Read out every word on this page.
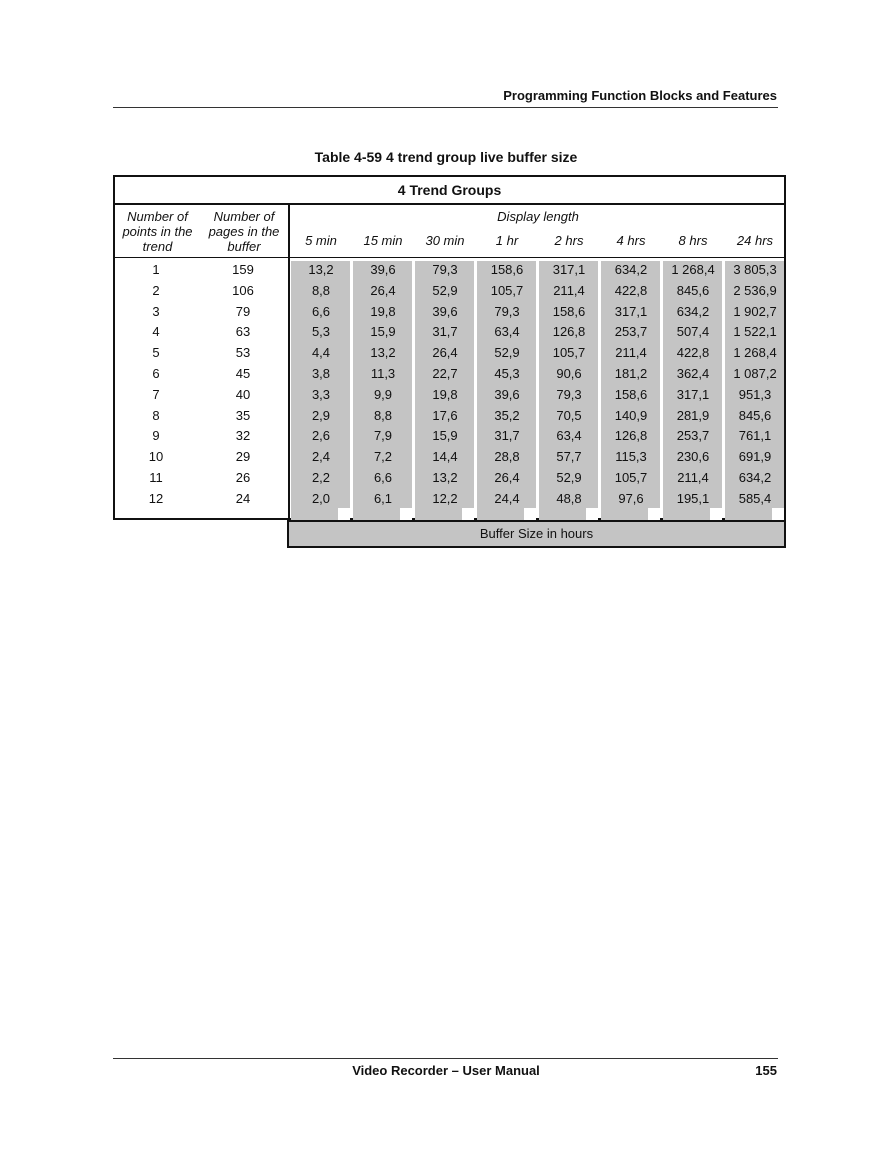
Programming Function Blocks and Features
Table 4-59 4 trend group live buffer size
4 Trend Groups
Number of
points in the
trend
Number of
pages in the
buffer
Display length
5 min	15 min	30 min	1 hr	2 hrs	4 hrs	8 hrs	24 hrs
1	159	13,2	39,6	79,3	158,6	317,1	634,2	1 268,4	3 805,3
2	106	8,8	26,4	52,9	105,7	211,4	422,8	845,6	2 536,9
3	79	6,6	19,8	39,6	79,3	158,6	317,1	634,2	1 902,7
4	63	5,3	15,9	31,7	63,4	126,8	253,7	507,4	1 522,1
5	53	4,4	13,2	26,4	52,9	105,7	211,4	422,8	1 268,4
6	45	3,8	11,3	22,7	45,3	90,6	181,2	362,4	1 087,2
7	40	3,3	9,9	19,8	39,6	79,3	158,6	317,1	951,3
8	35	2,9	8,8	17,6	35,2	70,5	140,9	281,9	845,6
9	32	2,6	7,9	15,9	31,7	63,4	126,8	253,7	761,1
10	29	2,4	7,2	14,4	28,8	57,7	115,3	230,6	691,9
11	26	2,2	6,6	13,2	26,4	52,9	105,7	211,4	634,2
12	24	2,0	6,1	12,2	24,4	48,8	97,6	195,1	585,4
Buffer Size in hours
Video Recorder – User Manual	155
